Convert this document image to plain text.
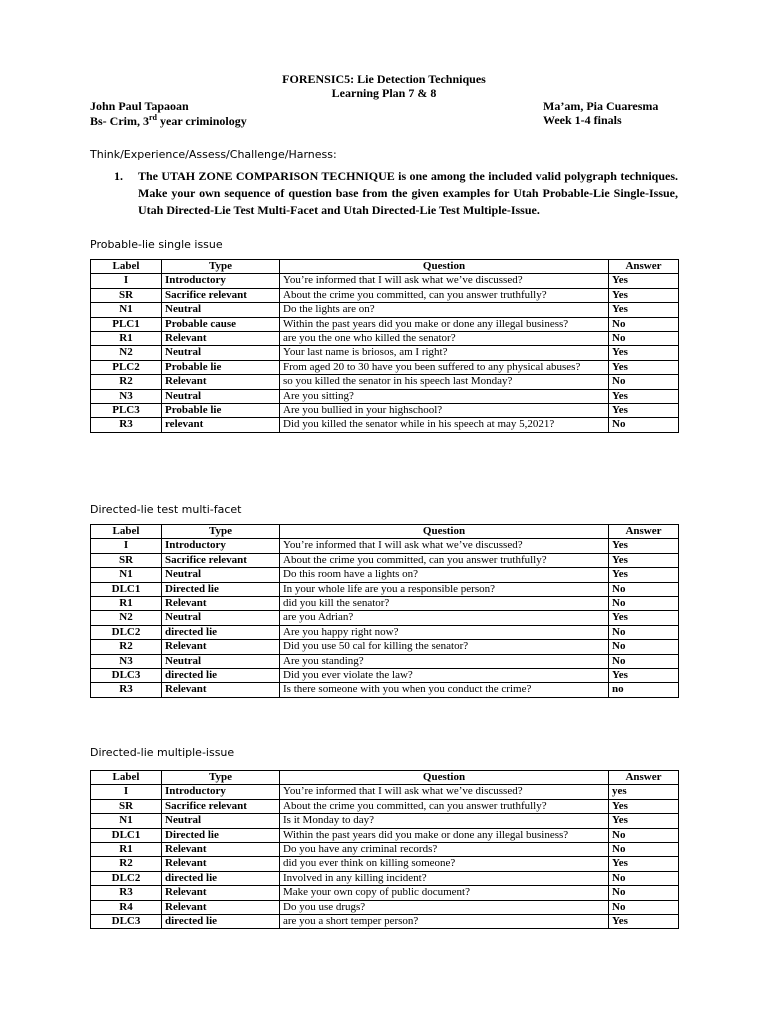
FORENSIC5: Lie Detection Techniques
Learning Plan 7 & 8
John Paul Tapaoan	Ma’am, Pia Cuaresma
Bs- Crim, 3rd year criminology	Week 1-4 finals
Think/Experience/Assess/Challenge/Harness:
1. The UTAH ZONE COMPARISON TECHNIQUE is one among the included valid polygraph techniques. Make your own sequence of question base from the given examples for Utah Probable-Lie Single-Issue, Utah Directed-Lie Test Multi-Facet and Utah Directed-Lie Test Multiple-Issue.
Probable-lie single issue
Label	Type	Question	Answer
I	Introductory	You’re informed that I will ask what we’ve discussed?	Yes
SR	Sacrifice relevant	About the crime you committed, can you answer truthfully?	Yes
N1	Neutral	Do the lights are on?	Yes
PLC1	Probable cause	Within the past years did you make or done any illegal business?	No
R1	Relevant	are you the one who killed the senator?	No
N2	Neutral	Your last name is briosos, am I right?	Yes
PLC2	Probable lie	From aged 20 to 30 have you been suffered to any physical abuses?	Yes
R2	Relevant	so you killed the senator in his speech last Monday?	No
N3	Neutral	Are you sitting?	Yes
PLC3	Probable lie	Are you bullied in your highschool?	Yes
R3	relevant	Did you killed the senator while in his speech at may 5,2021?	No
Directed-lie test multi-facet
Label	Type	Question	Answer
I	Introductory	You’re informed that I will ask what we’ve discussed?	Yes
SR	Sacrifice relevant	About the crime you committed, can you answer truthfully?	Yes
N1	Neutral	Do this room have a lights on?	Yes
DLC1	Directed lie	In your whole life are you a responsible person?	No
R1	Relevant	did you kill the senator?	No
N2	Neutral	are you Adrian?	Yes
DLC2	directed lie	Are you happy right now?	No
R2	Relevant	Did you use 50 cal for killing the senator?	No
N3	Neutral	Are you standing?	No
DLC3	directed lie	Did you ever violate the law?	Yes
R3	Relevant	Is there someone with you when you conduct the crime?	no
Directed-lie multiple-issue
Label	Type	Question	Answer
I	Introductory	You’re informed that I will ask what we’ve discussed?	yes
SR	Sacrifice relevant	About the crime you committed, can you answer truthfully?	Yes
N1	Neutral	Is it Monday to day?	Yes
DLC1	Directed lie	Within the past years did you make or done any illegal business?	No
R1	Relevant	Do you have any criminal records?	No
R2	Relevant	did you ever think on killing someone?	Yes
DLC2	directed lie	Involved in any killing incident?	No
R3	Relevant	Make your own copy of public document?	No
R4	Relevant	Do you use drugs?	No
DLC3	directed lie	are you a short temper person?	Yes
